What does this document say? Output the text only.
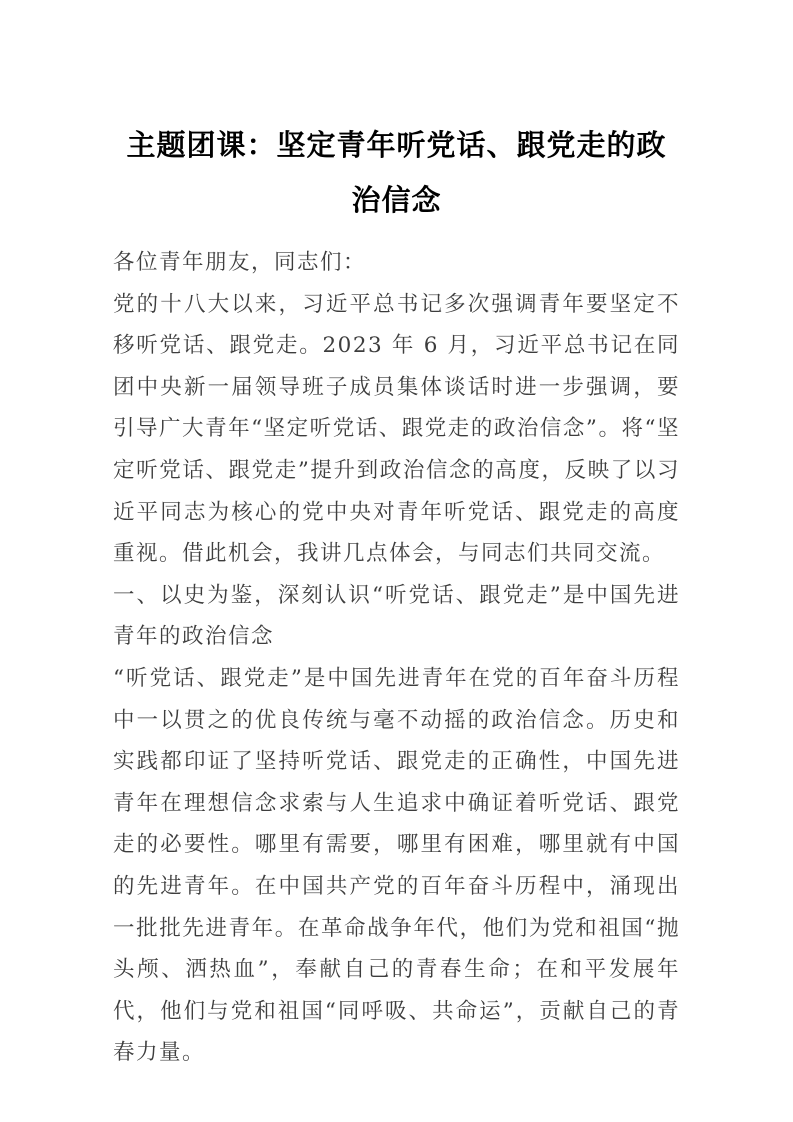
主题团课：坚定青年听党话、跟党走的政治信念

各位青年朋友，同志们：

党的十八大以来，习近平总书记多次强调青年要坚定不移听党话、跟党走。2023 年 6 月，习近平总书记在同团中央新一届领导班子成员集体谈话时进一步强调，要引导广大青年“坚定听党话、跟党走的政治信念”。将“坚定听党话、跟党走”提升到政治信念的高度，反映了以习近平同志为核心的党中央对青年听党话、跟党走的高度重视。借此机会，我讲几点体会，与同志们共同交流。

一、以史为鉴，深刻认识“听党话、跟党走”是中国先进青年的政治信念

“听党话、跟党走”是中国先进青年在党的百年奋斗历程中一以贯之的优良传统与毫不动摇的政治信念。历史和实践都印证了坚持听党话、跟党走的正确性，中国先进青年在理想信念求索与人生追求中确证着听党话、跟党走的必要性。哪里有需要，哪里有困难，哪里就有中国的先进青年。在中国共产党的百年奋斗历程中，涌现出一批批先进青年。在革命战争年代，他们为党和祖国“抛头颅、洒热血”，奉献自己的青春生命；在和平发展年代，他们与党和祖国“同呼吸、共命运”，贡献自己的青春力量。
